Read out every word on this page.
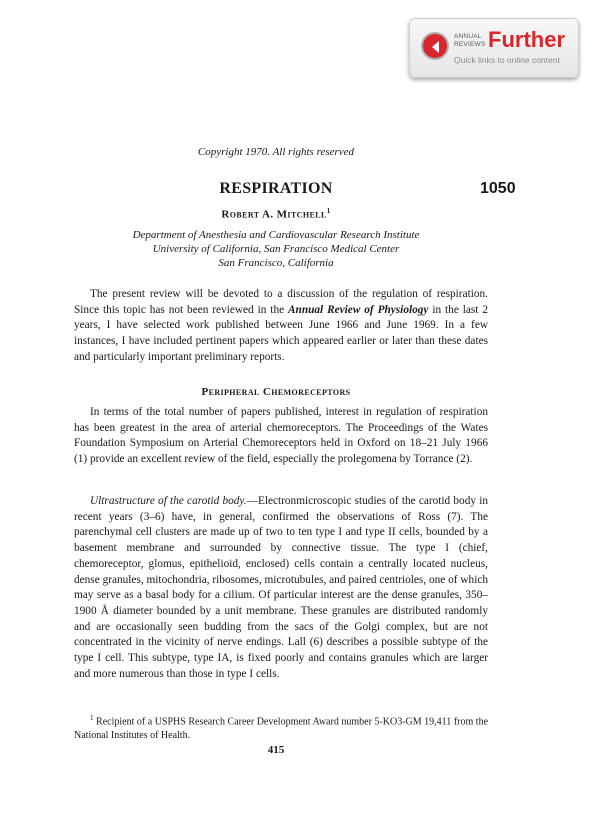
ANNUAL
REVIEWS Further
Quick links to online content
Copyright 1970. All rights reserved
RESPIRATION	1050
Robert A. Mitchell$^1$
Department of Anesthesia and Cardiovascular Research Institute
University of California, San Francisco Medical Center
San Francisco, California

The present review will be devoted to a discussion of the regulation of respiration. Since this topic has not been reviewed in the Annual Review of Physiology in the last 2 years, I have selected work published between June 1966 and June 1969. In a few instances, I have included pertinent papers which appeared earlier or later than these dates and particularly important preliminary reports.

Peripheral Chemoreceptors

In terms of the total number of papers published, interest in regulation of respiration has been greatest in the area of arterial chemoreceptors. The Proceedings of the Wates Foundation Symposium on Arterial Chemoreceptors held in Oxford on 18–21 July 1966 (1) provide an excellent review of the field, especially the prolegomena by Torrance (2).

Ultrastructure of the carotid body.—Electronmicroscopic studies of the carotid body in recent years (3–6) have, in general, confirmed the observations of Ross (7). The parenchymal cell clusters are made up of two to ten type I and type II cells, bounded by a basement membrane and surrounded by connective tissue. The type I (chief, chemoreceptor, glomus, epithelioid, enclosed) cells contain a centrally located nucleus, dense granules, mitochondria, ribosomes, microtubules, and paired centrioles, one of which may serve as a basal body for a cilium. Of particular interest are the dense granules, 350–1900 Å diameter bounded by a unit membrane. These granules are distributed randomly and are occasionally seen budding from the sacs of the Golgi complex, but are not concentrated in the vicinity of nerve endings. Lall (6) describes a possible subtype of the type I cell. This subtype, type IA, is fixed poorly and contains granules which are larger and more numerous than those in type I cells.

$^1$ Recipient of a USPHS Research Career Development Award number 5-KO3-GM 19,411 from the National Institutes of Health.

415
